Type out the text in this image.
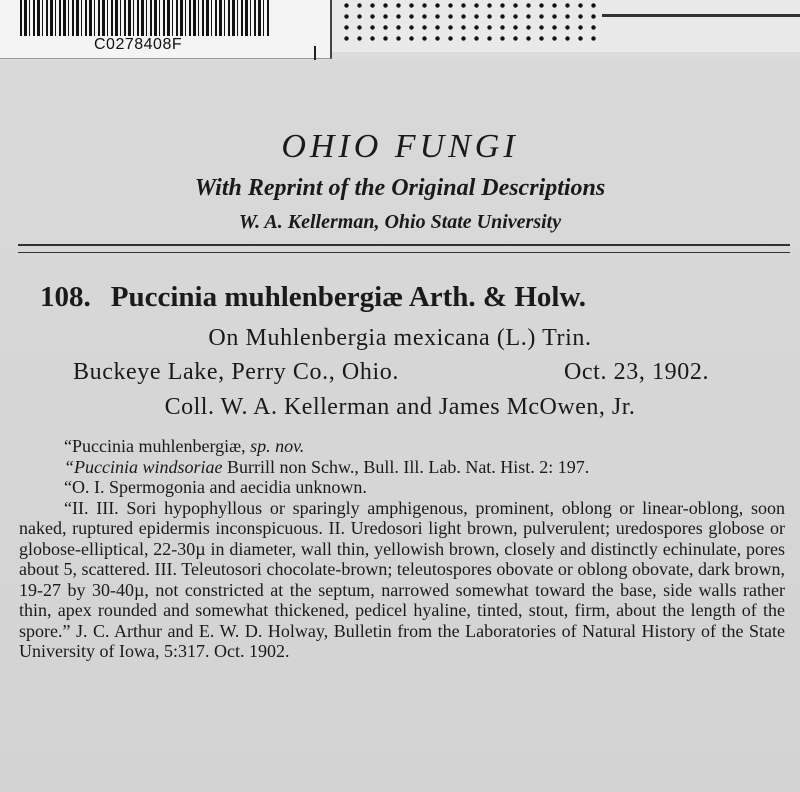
C0278408F
OHIO FUNGI
With Reprint of the Original Descriptions
W. A. Kellerman, Ohio State University
108. Puccinia muhlenbergiæ Arth. & Holw.
On Muhlenbergia mexicana (L.) Trin.
Buckeye Lake, Perry Co., Ohio.	Oct. 23, 1902.
Coll. W. A. Kellerman and James McOwen, Jr.

“Puccinia muhlenbergiæ, sp. nov.

“Puccinia windsoriae Burrill non Schw., Bull. Ill. Lab. Nat. Hist. 2: 197.

“O. I. Spermogonia and aecidia unknown.

“II. III. Sori hypophyllous or sparingly amphigenous, prominent, oblong or linear-oblong, soon naked, ruptured epidermis inconspicuous. II. Uredosori light brown, pulverulent; uredospores globose or globose-elliptical, 22-30µ in diameter, wall thin, yellowish brown, closely and distinctly echinulate, pores about 5, scattered. III. Teleutosori chocolate-brown; teleutospores obovate or oblong obovate, dark brown, 19-27 by 30-40µ, not constricted at the septum, narrowed somewhat toward the base, side walls rather thin, apex rounded and somewhat thickened, pedicel hyaline, tinted, stout, firm, about the length of the spore.” J. C. Arthur and E. W. D. Holway, Bulletin from the Laboratories of Natural History of the State University of Iowa, 5:317. Oct. 1902.
